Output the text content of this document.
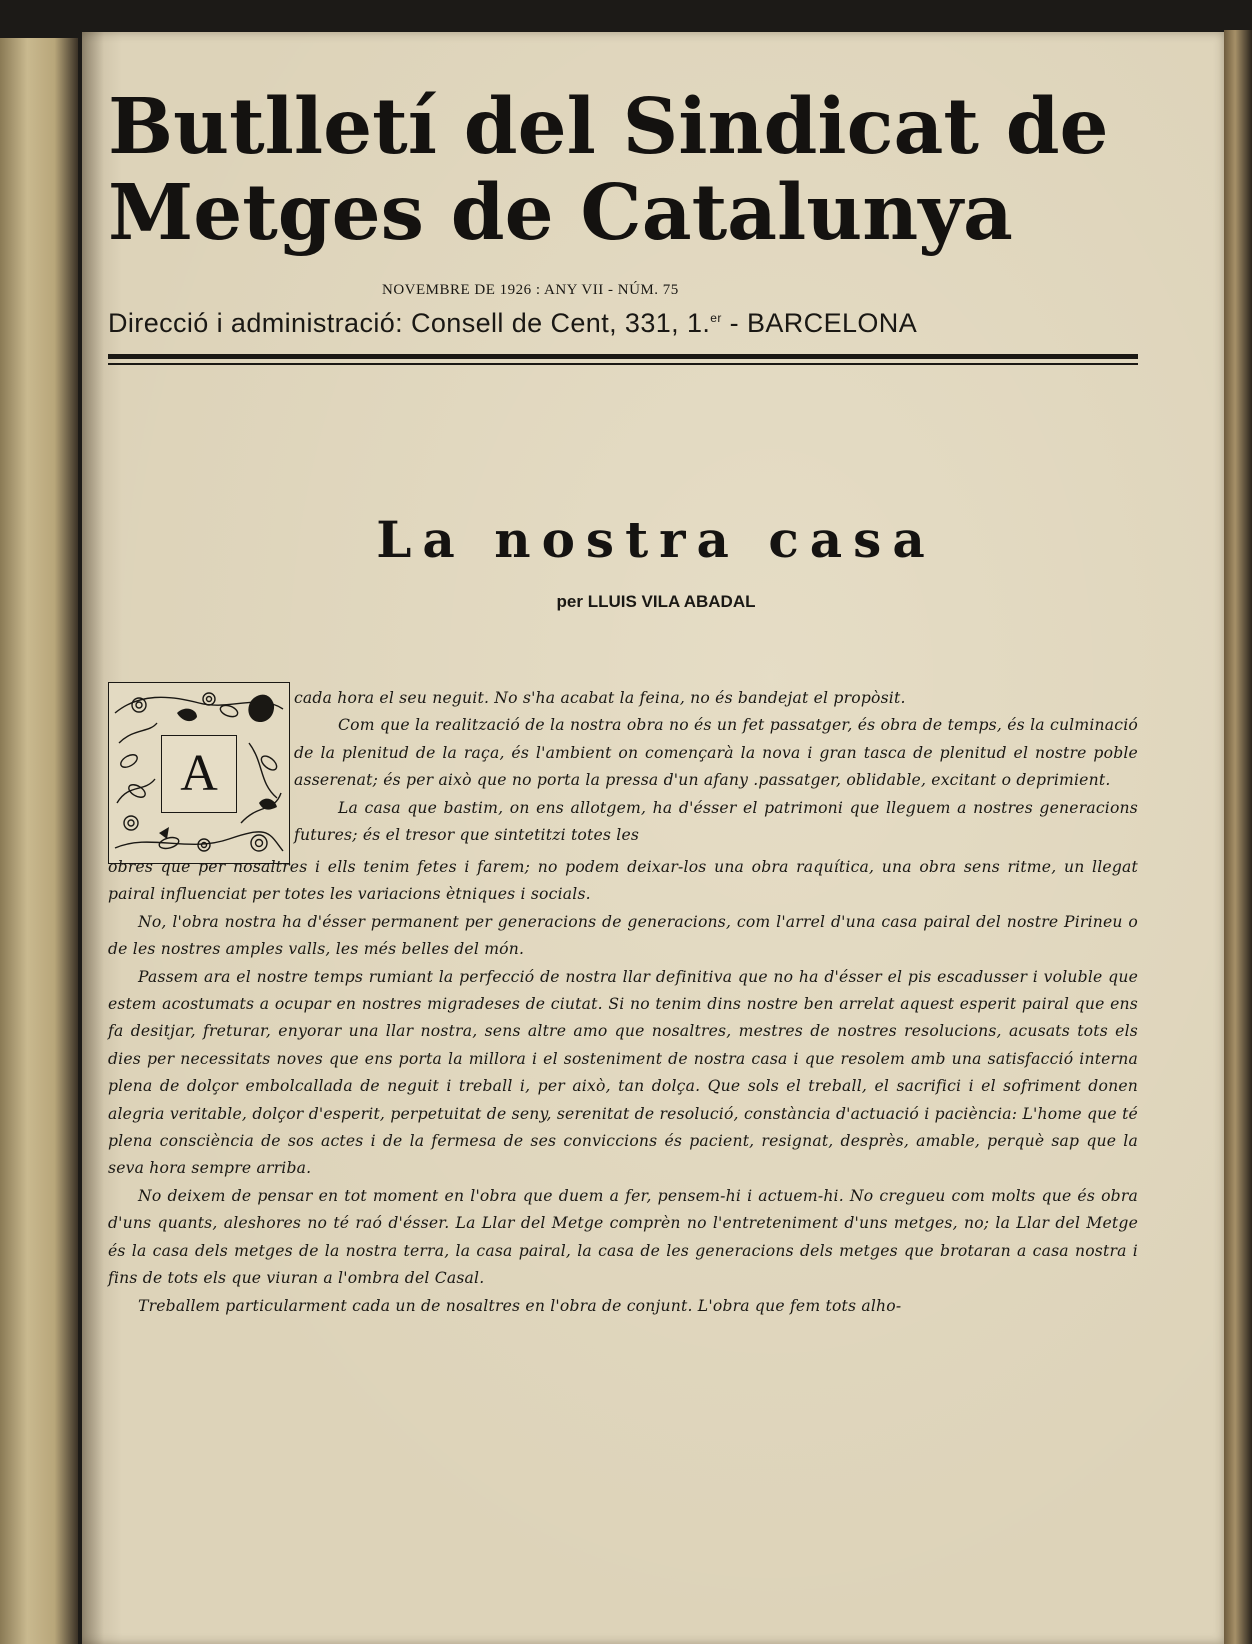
Butlletí del Sindicat de
Metges de Catalunya
NOVEMBRE DE 1926 : ANY VII - NÚM. 75
Direcció i administració: Consell de Cent, 331, 1.$^{er}$ - BARCELONA
La nostra casa
per LLUIS VILA ABADAL
A

cada hora el seu neguit. No s'ha acabat la feina, no és bandejat el propòsit.

Com que la realització de la nostra obra no és un fet passatger, és obra de temps, és la culminació de la plenitud de la raça, és l'ambient on començarà la nova i gran tasca de plenitud el nostre poble asserenat; és per això que no porta la pressa d'un afany .passatger, oblidable, excitant o deprimient.

La casa que bastim, on ens allotgem, ha d'ésser el patrimoni que lleguem a nostres generacions futures; és el tresor que sintetitzi totes les

obres que per nosaltres i ells tenim fetes i farem; no podem deixar-los una obra raquítica, una obra sens ritme, un llegat pairal influenciat per totes les variacions ètniques i socials.

No, l'obra nostra ha d'ésser permanent per generacions de generacions, com l'arrel d'una casa pairal del nostre Pirineu o de les nostres amples valls, les més belles del món.

Passem ara el nostre temps rumiant la perfecció de nostra llar definitiva que no ha d'ésser el pis escadusser i voluble que estem acostumats a ocupar en nostres migradeses de ciutat. Si no tenim dins nostre ben arrelat aquest esperit pairal que ens fa desitjar, freturar, enyorar una llar nostra, sens altre amo que nosaltres, mestres de nostres resolucions, acusats tots els dies per necessitats noves que ens porta la millora i el sosteniment de nostra casa i que resolem amb una satisfacció interna plena de dolçor embolcallada de neguit i treball i, per això, tan dolça. Que sols el treball, el sacrifici i el sofriment donen alegria veritable, dolçor d'esperit, perpetuitat de seny, serenitat de resolució, constància d'actuació i paciència: L'home que té plena consciència de sos actes i de la fermesa de ses conviccions és pacient, resignat, desprès, amable, perquè sap que la seva hora sempre arriba.

No deixem de pensar en tot moment en l'obra que duem a fer, pensem-hi i actuem-hi. No cregueu com molts que és obra d'uns quants, aleshores no té raó d'ésser. La Llar del Metge comprèn no l'entreteniment d'uns metges, no; la Llar del Metge és la casa dels metges de la nostra terra, la casa pairal, la casa de les generacions dels metges que brotaran a casa nostra i fins de tots els que viuran a l'ombra del Casal.

Treballem particularment cada un de nosaltres en l'obra de conjunt. L'obra que fem tots alho-
